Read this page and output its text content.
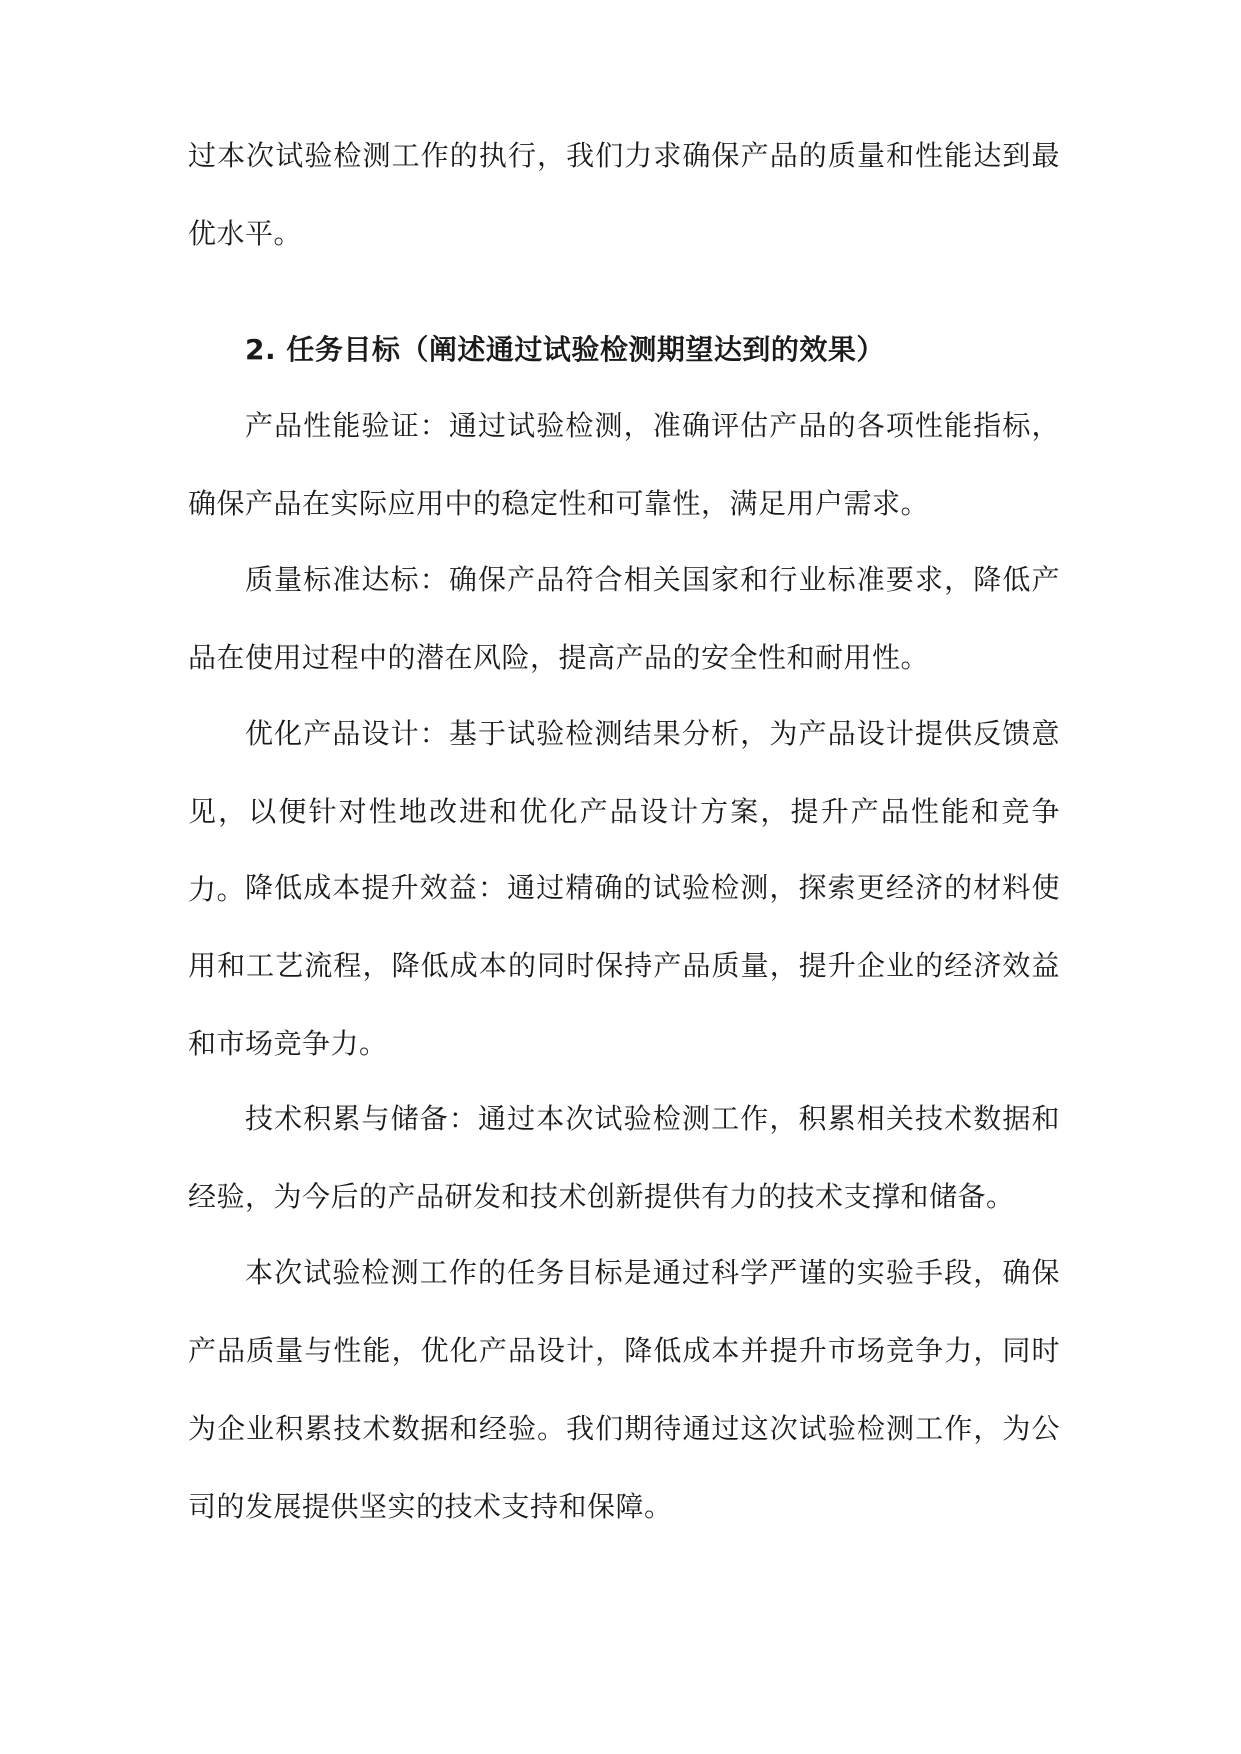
过本次试验检测工作的执行，我们力求确保产品的质量和性能达到最优水平。

2. 任务目标（阐述通过试验检测期望达到的效果）

产品性能验证：通过试验检测，准确评估产品的各项性能指标，确保产品在实际应用中的稳定性和可靠性，满足用户需求。

质量标准达标：确保产品符合相关国家和行业标准要求，降低产品在使用过程中的潜在风险，提高产品的安全性和耐用性。

优化产品设计：基于试验检测结果分析，为产品设计提供反馈意见，以便针对性地改进和优化产品设计方案，提升产品性能和竞争力。 降低成本提升效益：通过精确的试验检测，探索更经济的材料使用和工艺流程，降低成本的同时保持产品质量，提升企业的经济效益和市场竞争力。

技术积累与储备：通过本次试验检测工作，积累相关技术数据和经验，为今后的产品研发和技术创新提供有力的技术支撑和储备。

本次试验检测工作的任务目标是通过科学严谨的实验手段，确保产品质量与性能，优化产品设计，降低成本并提升市场竞争力，同时为企业积累技术数据和经验。我们期待通过这次试验检测工作，为公司的发展提供坚实的技术支持和保障。
